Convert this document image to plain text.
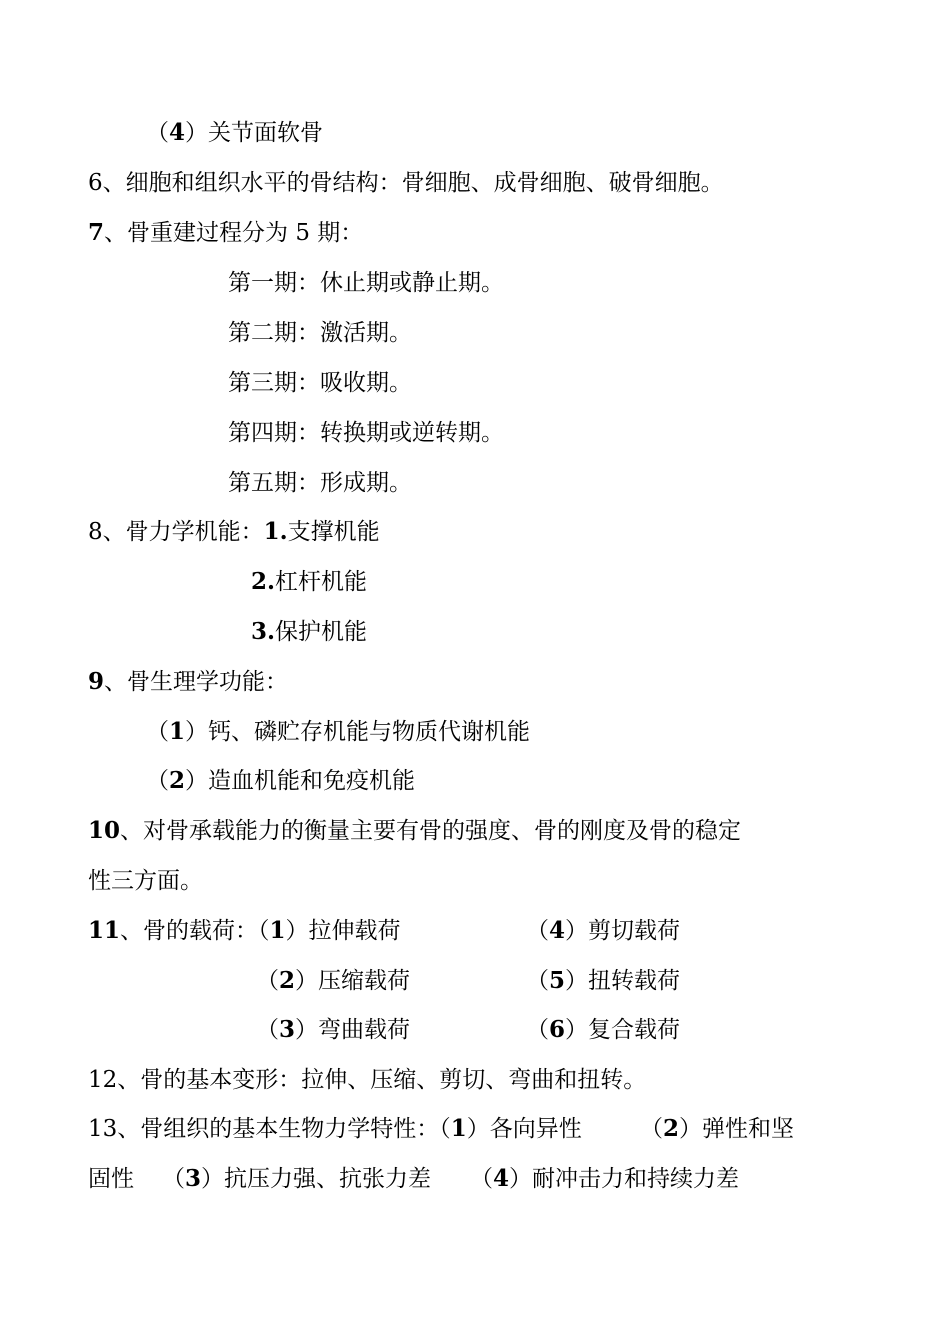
（4）关节面软骨
6、细胞和组织水平的骨结构：骨细胞、成骨细胞、破骨细胞。
7、骨重建过程分为 5 期：
第一期：休止期或静止期。
第二期：激活期。
第三期：吸收期。
第四期：转换期或逆转期。
第五期：形成期。
8、骨力学机能：1.支撑机能
2.杠杆机能
3.保护机能
9、骨生理学功能：
（1）钙、磷贮存机能与物质代谢机能
（2）造血机能和免疫机能
10、对骨承载能力的衡量主要有骨的强度、骨的刚度及骨的稳定
性三方面。
11、骨的载荷：（1）拉伸载荷	（4）剪切载荷
（2）压缩载荷	（5）扭转载荷
（3）弯曲载荷	（6）复合载荷
12、骨的基本变形：拉伸、压缩、剪切、弯曲和扭转。
13、骨组织的基本生物力学特性：（1）各向异性	（2）弹性和坚
固性 （3）抗压力强、抗张力差 （4）耐冲击力和持续力差
